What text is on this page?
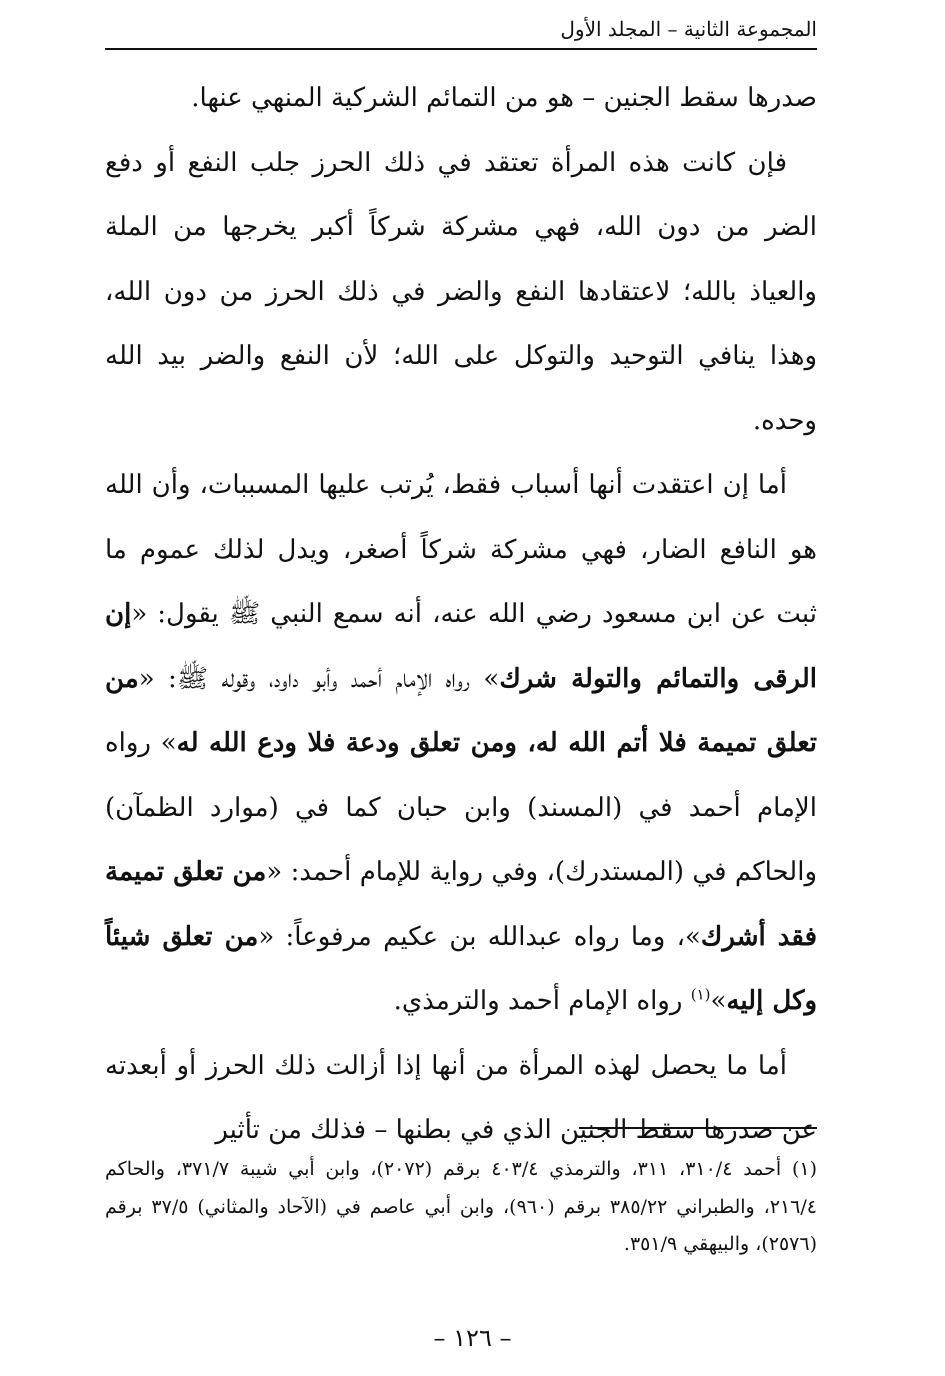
المجموعة الثانية – المجلد الأول

صدرها سقط الجنين – هو من التمائم الشركية المنهي عنها.

فإن كانت هذه المرأة تعتقد في ذلك الحرز جلب النفع أو دفع الضر من دون الله، فهي مشركة شركاً أكبر يخرجها من الملة والعياذ بالله؛ لاعتقادها النفع والضر في ذلك الحرز من دون الله، وهذا ينافي التوحيد والتوكل على الله؛ لأن النفع والضر بيد الله وحده.

أما إن اعتقدت أنها أسباب فقط، يُرتب عليها المسببات، وأن الله هو النافع الضار، فهي مشركة شركاً أصغر، ويدل لذلك عموم ما ثبت عن ابن مسعود رضي الله عنه، أنه سمع النبي ﷺ يقول: «إن الرقى والتمائم والتولة شرك» رواه الإمام أحمد وأبو داود، وقوله ﷺ: «من تعلق تميمة فلا أتم الله له، ومن تعلق ودعة فلا ودع الله له» رواه الإمام أحمد في (المسند) وابن حبان كما في (موارد الظمآن) والحاكم في (المستدرك)، وفي رواية للإمام أحمد: «من تعلق تميمة فقد أشرك»، وما رواه عبدالله بن عكيم مرفوعاً: «من تعلق شيئاً وكل إليه»$^{(١)}$ رواه الإمام أحمد والترمذي.

أما ما يحصل لهذه المرأة من أنها إذا أزالت ذلك الحرز أو أبعدته عن صدرها سقط الجنين الذي في بطنها – فذلك من تأثير

(١) أحمد ٣١٠/٤، ٣١١، والترمذي ٤٠٣/٤ برقم (٢٠٧٢)، وابن أبي شيبة ٣٧١/٧، والحاكم ٢١٦/٤، والطبراني ٣٨٥/٢٢ برقم (٩٦٠)، وابن أبي عاصم في (الآحاد والمثاني) ٣٧/٥ برقم (٢٥٧٦)، والبيهقي ٣٥١/٩.
– ١٢٦ –
